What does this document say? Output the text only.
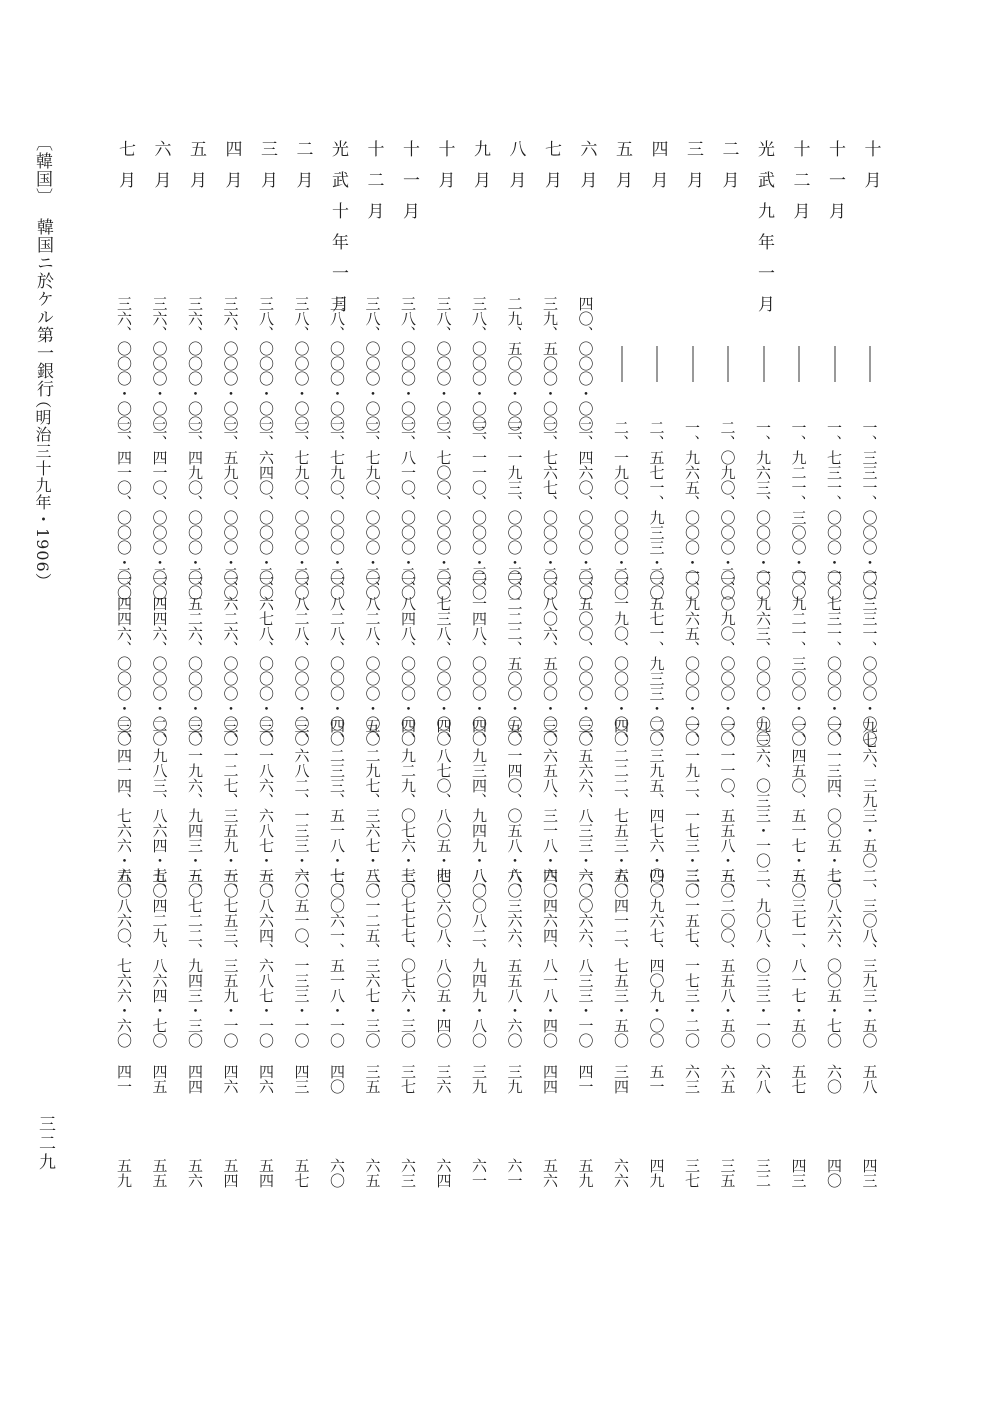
〔韓国〕
韓国ニ於ケル第一銀行
（明治三十九年・1906）
三二九
十月
一、三三一、〇〇〇・〇〇
一、三三一、〇〇〇・〇〇
九七六、三九三・五〇
二、三〇八、三九三・五〇
五八
四三
十一月
一、七三一、〇〇〇・〇〇
一、七三一、〇〇〇・〇〇
一、一三四、〇〇五・七〇
二、八六六、〇〇五・七〇
六〇
四〇
十二月
一、九二一、三〇〇・〇〇
一、九二一、三〇〇・〇〇
一、四五〇、五一七・五〇
三、三七一、八一七・五〇
五七
四三
光武九年一月
一、九六三、〇〇〇・〇〇
一、九六三、〇〇〇・〇〇
九三六、〇三三・一〇
二、九〇八、〇三三・一〇
六八
三二
二月
二、〇九〇、〇〇〇・〇〇
二、〇九〇、〇〇〇・〇〇
一、一一〇、五五八・五〇
三、二〇〇、五五八・五〇
六五
三五
三月
一、九六五、〇〇〇・〇〇
一、九六五、〇〇〇・〇〇
一、一九二、一七三・二〇
三、一五七、一七三・二〇
六三
三七
四月
二、五七一、九三三・〇〇
二、五七一、九三三・〇〇
二、三九五、四七六・〇〇
四、九六七、四〇九・〇〇
五一
四九
五月
二、一九〇、〇〇〇・〇〇
二、一九〇、〇〇〇・〇〇
四、二二二、七五三・五〇
六、四一二、七五三・五〇
三四
六六
六月
四〇、〇〇〇・〇〇
二、四六〇、〇〇〇・〇〇
二、五〇〇、〇〇〇・〇〇
三、五六六、八三三・一〇
六、〇六六、八三三・一〇
四一
五九
七月
三九、五〇〇・〇〇
二、七六七、〇〇〇・〇〇
二、八〇六、五〇〇・〇〇
三、六五八、三一八・四〇
六、四六四、八一八・四〇
四四
五六
八月
二九、五〇〇・〇〇
三、一九三、〇〇〇・〇〇
三、二二二、五〇〇・〇〇
五、一四〇、〇五八・六〇
八、三六六、五五八・六〇
三九
六一
九月
三八、〇〇〇・〇〇
三、一一〇、〇〇〇・〇〇
三、一四八、〇〇〇・〇〇
四、九三四、九四九・八〇
八、〇八二、九四九・八〇
三九
六一
十月
三八、〇〇〇・〇〇
二、七〇〇、〇〇〇・〇〇
二、七三八、〇〇〇・〇〇
四、八七〇、八〇五・四〇
七、六〇八、八〇五・四〇
三六
六四
十一月
三八、〇〇〇・〇〇
二、八一〇、〇〇〇・〇〇
二、八四八、〇〇〇・〇〇
四、九二九、〇七六・三〇
七、七七七、〇七六・三〇
三七
六三
十二月
三八、〇〇〇・〇〇
二、七九〇、〇〇〇・〇〇
二、八二八、〇〇〇・〇〇
五、二九七、三六七・三〇
八、一二五、三六七・三〇
三五
六五
光武十年一月
三八、〇〇〇・〇〇
二、七九〇、〇〇〇・〇〇
二、八二八、〇〇〇・〇〇
四、二三三、五一八・一〇
七、〇六一、五一八・一〇
四〇
六〇
二月
三八、〇〇〇・〇〇
二、七九〇、〇〇〇・〇〇
二、八二八、〇〇〇・〇〇
三、六八二、一三三・一〇
六、五一〇、一三三・一〇
四三
五七
三月
三八、〇〇〇・〇〇
二、六四〇、〇〇〇・〇〇
二、六七八、〇〇〇・〇〇
三、一八六、六八七・一〇
五、八六四、六八七・一〇
四六
五四
四月
三六、〇〇〇・〇〇
二、五九〇、〇〇〇・〇〇
二、六二六、〇〇〇・〇〇
三、一二七、三五九・一〇
五、七五三、三五九・一〇
四六
五四
五月
三六、〇〇〇・〇〇
二、四九〇、〇〇〇・〇〇
二、五二六、〇〇〇・〇〇
三、一九六、九四三・三〇
五、七二二、九四三・三〇
四四
五六
六月
三六、〇〇〇・〇〇
二、四一〇、〇〇〇・〇〇
二、四四六、〇〇〇・〇〇
二、九八三、八六四・七〇
五、四二九、八六四・七〇
四五
五五
七月
三六、〇〇〇・〇〇
二、四一〇、〇〇〇・〇〇
二、四四六、〇〇〇・〇〇
三、四一四、七六六・六〇
五、八六〇、七六六・六〇
四一
五九
